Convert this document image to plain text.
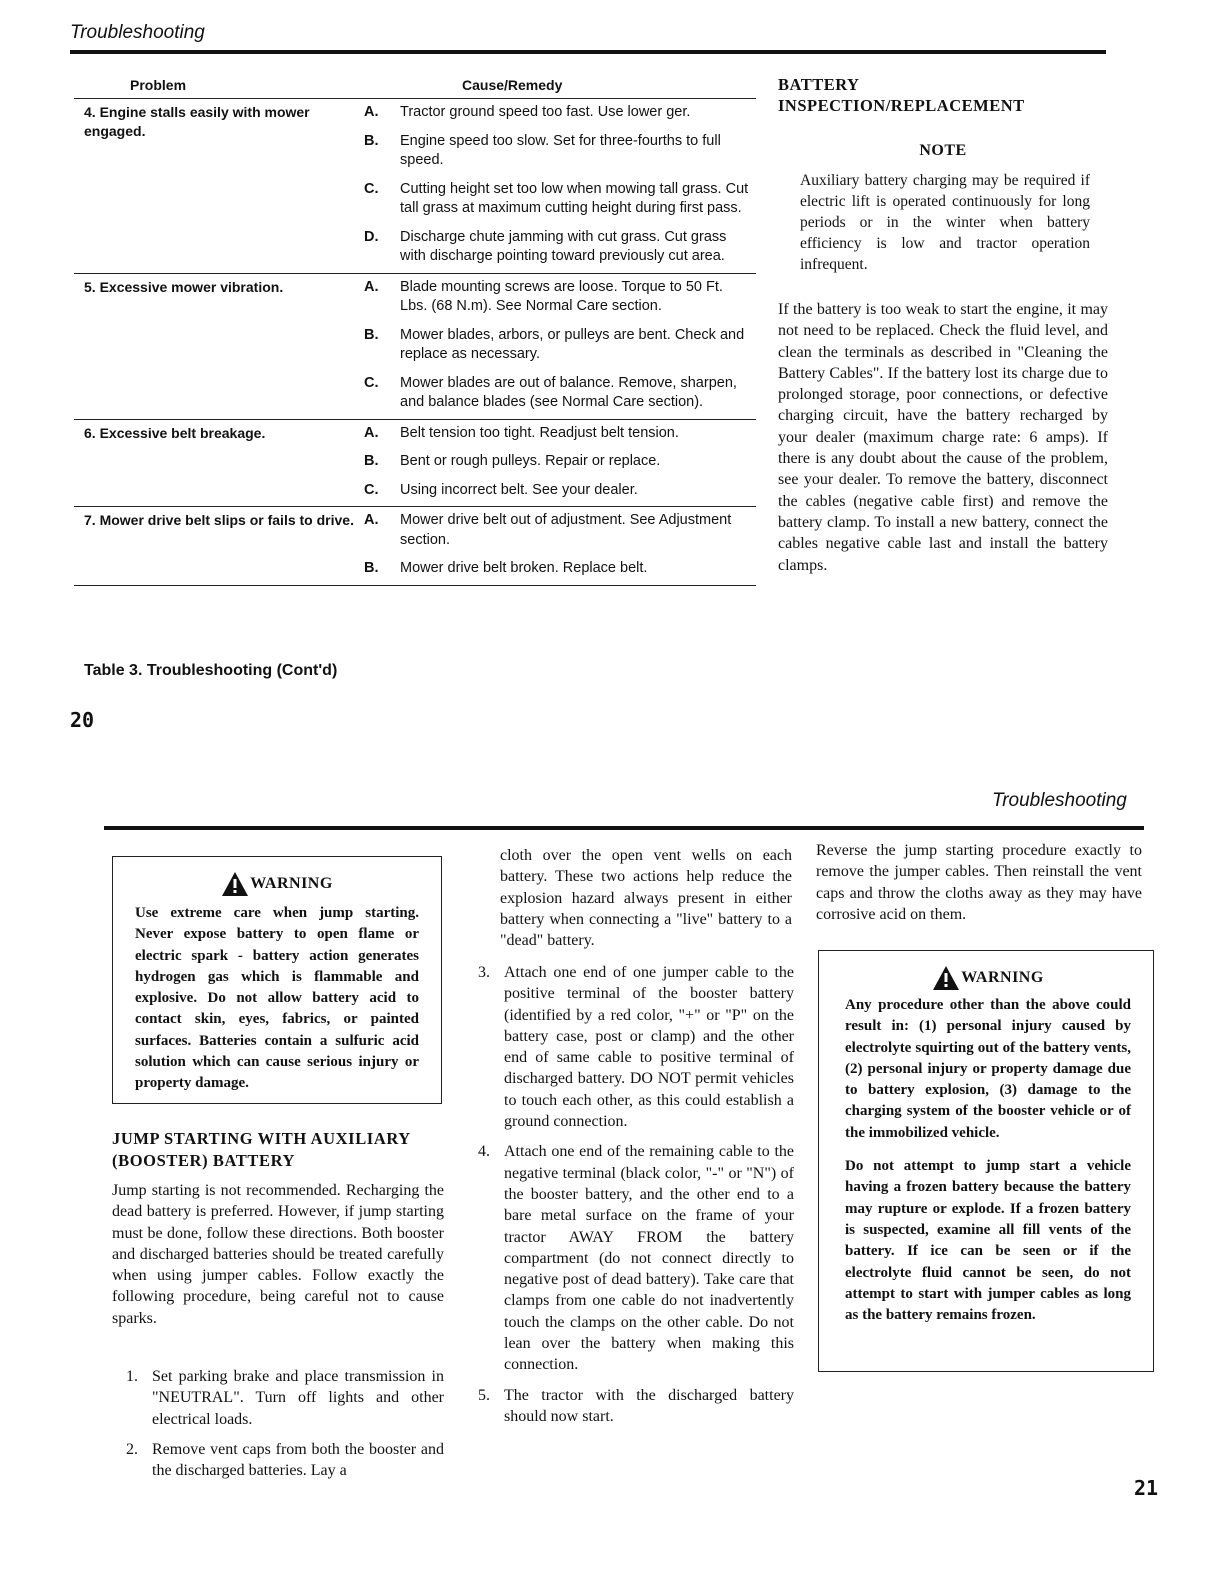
Troubleshooting
Problem	Cause/Remedy
4. Engine stalls easily with mower engaged.
A.	Tractor ground speed too fast. Use lower ger.
B.	Engine speed too slow. Set for three-fourths to full speed.
C.	Cutting height set too low when mowing tall grass. Cut tall grass at maximum cutting height during first pass.
D.	Discharge chute jamming with cut grass. Cut grass with discharge pointing toward previously cut area.
5. Excessive mower vibration.	A.	Blade mounting screws are loose. Torque to 50 Ft. Lbs. (68 N.m). See Normal Care section.
B.	Mower blades, arbors, or pulleys are bent. Check and replace as necessary.
C.	Mower blades are out of balance. Remove, sharpen, and balance blades (see Normal Care section).
6. Excessive belt breakage.	A.	Belt tension too tight. Readjust belt tension.
B.	Bent or rough pulleys. Repair or replace.
C.	Using incorrect belt. See your dealer.
7. Mower drive belt slips or fails to drive. A.	Mower drive belt out of adjustment. See Adjustment section.
B.	Mower drive belt broken. Replace belt.
Table 3. Troubleshooting (Cont'd)
20
BATTERY INSPECTION/REPLACEMENT
NOTE
Auxiliary battery charging may be required if electric lift is operated continuously for long periods or in the winter when battery efficiency is low and tractor operation infrequent.
If the battery is too weak to start the engine, it may not need to be replaced. Check the fluid level, and clean the terminals as described in "Cleaning the Battery Cables". If the battery lost its charge due to prolonged storage, poor connections, or defective charging circuit, have the battery recharged by your dealer (maximum charge rate: 6 amps). If there is any doubt about the cause of the problem, see your dealer. To remove the battery, disconnect the cables (negative cable first) and remove the battery clamp. To install a new battery, connect the cables negative cable last and install the battery clamps.
Troubleshooting
WARNING
Use extreme care when jump starting. Never expose battery to open flame or electric spark - battery action generates hydrogen gas which is flammable and explosive. Do not allow battery acid to contact skin, eyes, fabrics, or painted surfaces. Batteries contain a sulfuric acid solution which can cause serious injury or property damage.
JUMP STARTING WITH AUXILIARY (BOOSTER) BATTERY
Jump starting is not recommended. Recharging the dead battery is preferred. However, if jump starting must be done, follow these directions. Both booster and discharged batteries should be treated carefully when using jumper cables. Follow exactly the following procedure, being careful not to cause sparks.
1. Set parking brake and place transmission in "NEUTRAL". Turn off lights and other electrical loads.
2. Remove vent caps from both the booster and the discharged batteries. Lay a
cloth over the open vent wells on each battery. These two actions help reduce the explosion hazard always present in either battery when connecting a "live" battery to a "dead" battery.
3. Attach one end of one jumper cable to the positive terminal of the booster battery (identified by a red color, "+" or "P" on the battery case, post or clamp) and the other end of same cable to positive terminal of discharged battery. DO NOT permit vehicles to touch each other, as this could establish a ground connection.
4. Attach one end of the remaining cable to the negative terminal (black color, "-" or "N") of the booster battery, and the other end to a bare metal surface on the frame of your tractor AWAY FROM the battery compartment (do not connect directly to negative post of dead battery). Take care that clamps from one cable do not inadvertently touch the clamps on the other cable. Do not lean over the battery when making this connection.
5. The tractor with the discharged battery should now start.
Reverse the jump starting procedure exactly to remove the jumper cables. Then reinstall the vent caps and throw the cloths away as they may have corrosive acid on them.
WARNING
Any procedure other than the above could result in: (1) personal injury caused by electrolyte squirting out of the battery vents, (2) personal injury or property damage due to battery explosion, (3) damage to the charging system of the booster vehicle or of the immobilized vehicle.
Do not attempt to jump start a vehicle having a frozen battery because the battery may rupture or explode. If a frozen battery is suspected, examine all fill vents of the battery. If ice can be seen or if the electrolyte fluid cannot be seen, do not attempt to start with jumper cables as long as the battery remains frozen.
21
